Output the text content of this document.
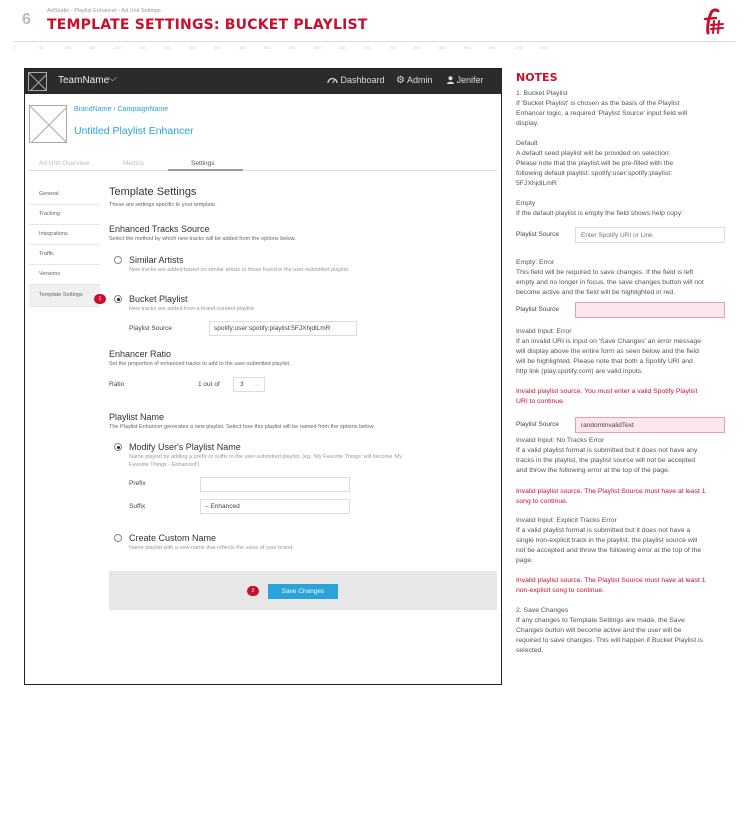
6	AdStudio - Playlist Enhancer - Ad Unit Settings
TEMPLATE SETTINGS: BUCKET PLAYLIST
0	50	100	150	200	250	300	350	400	450	500	550	600	650	700	750	800	850	900	950	1000	1050
TeamName
﹀	Dashboard ⚙ Admin	Jenifer
BrandName › CampaignName
Untitled Playlist Enhancer
Ad Unit Overview	Metrics	Settings
General
Tracking
Integrations
Traffic
Versions
Template Settings
Template Settings
These are settings specific to your template.
Enhanced Tracks Source
Select the method by which new tracks will be added from the options below.
Similar Artists
New tracks are added based on similar artists to those found in the user-submitted playlist.
1	Bucket Playlist
New tracks are added from a brand-curated playlist.
Playlist Source	spotify:user:spotify:playlist:5FJXhjdlLmR
Enhancer Ratio
Set the proportion of enhanced tracks to add to the user-submitted playlist.
Ratio	1 out of	3 ⌵
Playlist Name
The Playlist Enhancer generates a new playlist. Select how this playlist will be named from the options below.
Modify User's Playlist Name
Name playlist by adding a prefix or suffix to the user-submitted playlist. (eg. 'My Favorite Things' will become 'My
Favorite Things - Enhanced')
Prefix
Suffix	– Enhanced
Create Custom Name
Name playlist with a new name that reflects the voice of your brand.
2	Save Changes
NOTES
1. Bucket Playlist
If 'Bucket Playlist' is chosen as the basis of the Playlist
Enhancer logic, a required 'Playlist Source' input field will
display.
Default
A default seed playlist will be provided on selection:
Please note that the playlist will be pre-filled with the
following default playlist: spotify:user:spotify:playlist:
5FJXhjdlLmR
Empty
If the default playlist is empty the field shows help copy:
Playlist Source
Enter Spotify URI or Link
Empty: Error
This field will be required to save changes. If the field is left
empty and no longer in focus, the save changes button will not
become active and the field will be highlighted in red.
Playlist Source
Invalid Input: Error
If an invalid URI is input on 'Save Changes' an error message
will display above the entire form as seen below and the field
will be highlighted. Please note that both a Spotify URI and
http link (play.spotify.com) are valid inputs.
Invalid playlist source. You must enter a valid Spotify Playlist
URI to continue.
Playlist Source	randomInvalidText
Invalid Input: No Tracks Error
If a valid playlist format is submitted but it does not have any
tracks in the playlist, the playlist source will not be accepted
and throw the following error at the top of the page.
Invalid playlist source. The Playlist Source must have at least 1
song to continue.
Invalid Input: Explicit Tracks Error
If a valid playlist format is submitted but it does not have a
single non-explicit track in the playlist, the playlist source will
not be accepted and throw the following error at the top of the
page.
Invalid playlist source. The Playlist Source must have at least 1
non-explicit song to continue.
2. Save Changes
If any changes to Template Settings are made, the Save
Changes button will become active and the user will be
required to save changes. This will happen if Bucket Playlist is
selected.
